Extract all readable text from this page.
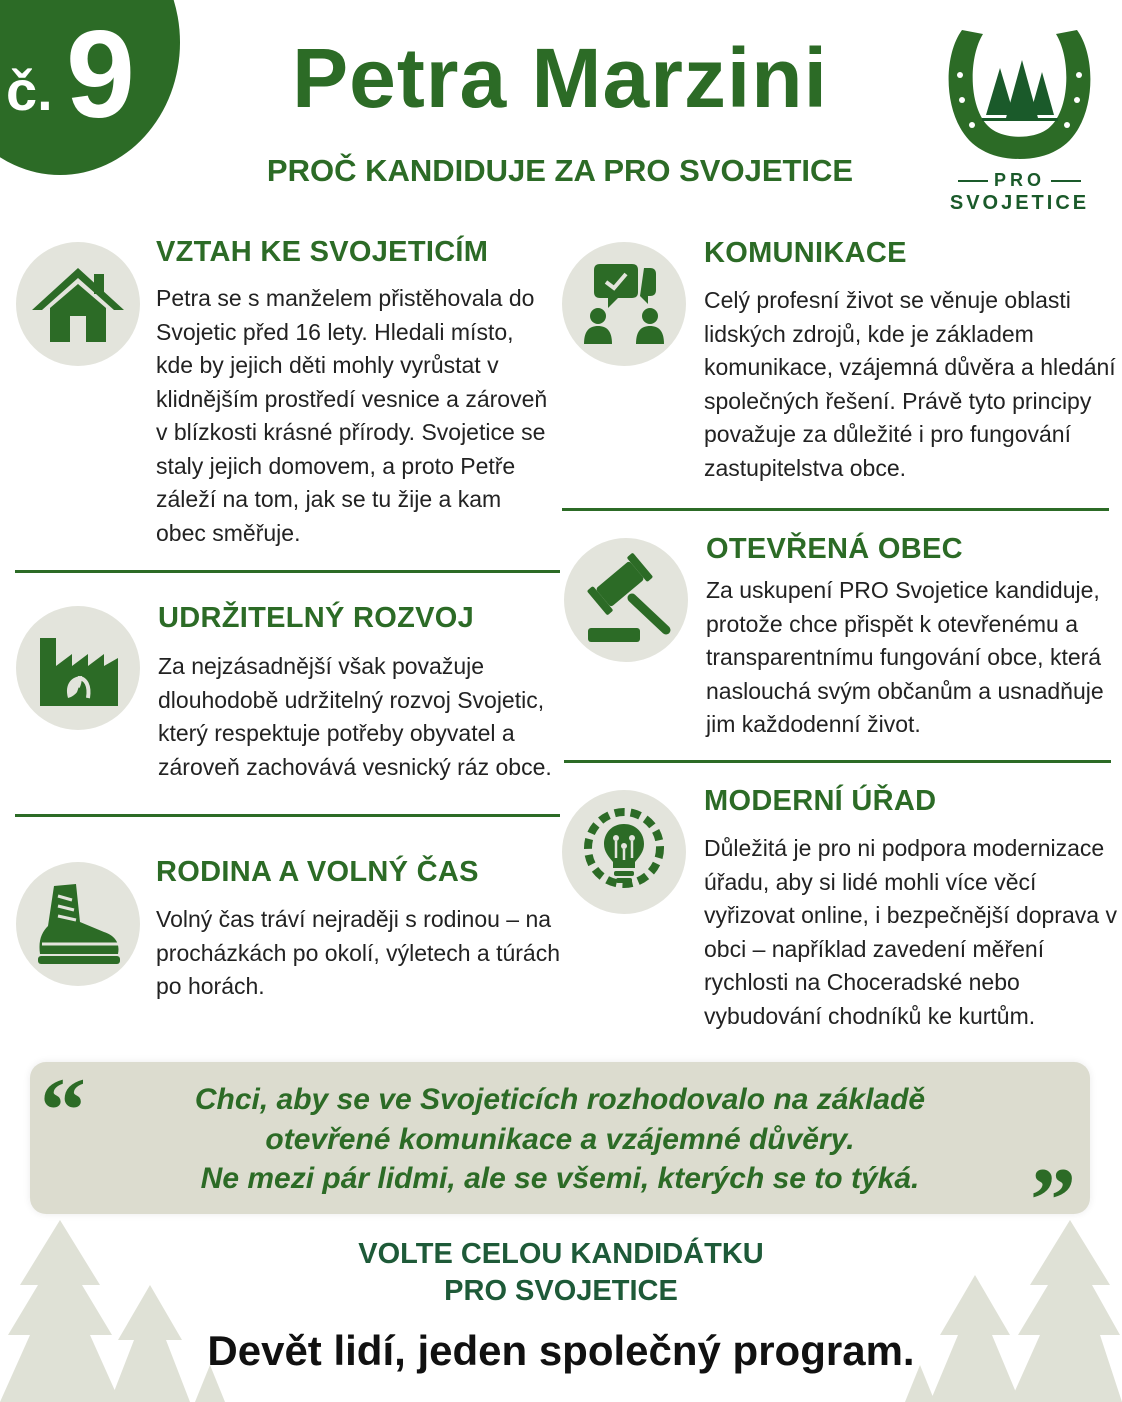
č. 9	Petra Marzini
PROČ KANDIDUJE ZA PRO SVOJETICE	PRO
SVOJETICE
VZTAH KE SVOJETICÍM
Petra se s manželem přistěhovala do
Svojetic před 16 lety. Hledali místo,
kde by jejich děti mohly vyrůstat v
klidnějším prostředí vesnice a zároveň
v blízkosti krásné přírody. Svojetice se
staly jejich domovem, a proto Petře
záleží na tom, jak se tu žije a kam
obec směřuje.
UDRŽITELNÝ ROZVOJ
Za nejzásadnější však považuje
dlouhodobě udržitelný rozvoj Svojetic,
který respektuje potřeby obyvatel a
zároveň zachovává vesnický ráz obce.
RODINA A VOLNÝ ČAS
Volný čas tráví nejraději s rodinou – na
procházkách po okolí, výletech a túrách
po horách.
KOMUNIKACE
Celý profesní život se věnuje oblasti
lidských zdrojů, kde je základem
komunikace, vzájemná důvěra a hledání
společných řešení. Právě tyto principy
považuje za důležité i pro fungování
zastupitelstva obce.
OTEVŘENÁ OBEC
Za uskupení PRO Svojetice kandiduje,
protože chce přispět k otevřenému a
transparentnímu fungování obce, která
naslouchá svým občanům a usnadňuje
jim každodenní život.
MODERNÍ ÚŘAD
Důležitá je pro ni podpora modernizace
úřadu, aby si lidé mohli více věcí
vyřizovat online, i bezpečnější doprava v
obci – například zavedení měření
rychlosti na Choceradské nebo
vybudování chodníků ke kurtům.
“	Chci, aby se ve Svojeticích rozhodovalo na základě
otevřené komunikace a vzájemné důvěry.
Ne mezi pár lidmi, ale se všemi, kterých se to týká.	”
VOLTE CELOU KANDIDÁTKU
PRO SVOJETICE
Devět lidí, jeden společný program.
